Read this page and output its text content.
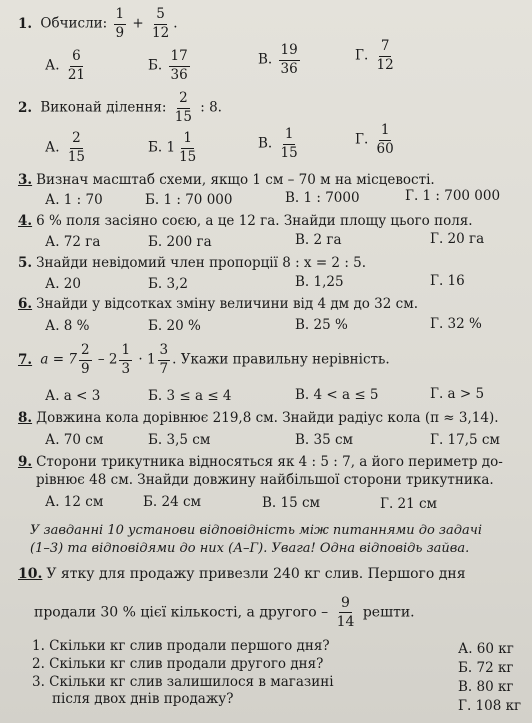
1. Обчисли: $\frac{1}{9} + \frac{5}{12}$ .
А. $\frac{6}{21}$	Б. $\frac{17}{36}$	В. $\frac{19}{36}$	Г. $\frac{7}{12}$
2. Виконай ділення: $\frac{2}{15}$ : 8.
А. $\frac{2}{15}$	Б. $1 \frac{1}{15}$	В. $\frac{1}{15}$	Г. $\frac{1}{60}$
3. Визнач масштаб схеми, якщо 1 см – 70 м на місцевості.
А. 1 : 70	Б. 1 : 70 000	В. 1 : 7000	Г. 1 : 700 000
4. 6 % поля засіяно соєю, а це 12 га. Знайди площу цього поля.
А. 72 га	Б. 200 га	В. 2 га	Г. 20 га
5. Знайди невідомий член пропорції 8 : x = 2 : 5.
А. 20	Б. 3,2	В. 1,25	Г. 16
6. Знайди у відсотках зміну величини від 4 дм до 32 см.
А. 8 %	Б. 20 %	В. 25 %	Г. 32 %
7. $a = 7 \frac{2}{9} - 2 \frac{1}{3} \cdot 1 \frac{3}{7}$ . Укажи правильну нерівність.
А. a < 3	Б. 3 ≤ a ≤ 4	В. 4 < a ≤ 5	Г. a > 5
8. Довжина кола дорівнює 219,8 см. Знайди радіус кола (π ≈ 3,14).
А. 70 см	Б. 3,5 см	В. 35 см	Г. 17,5 см
9. Сторони трикутника відносяться як 4 : 5 : 7, а його периметр до-
рівнює 48 см. Знайди довжину найбільшої сторони трикутника.
А. 12 см	Б. 24 см	В. 15 см	Г. 21 см
У завданні 10 установи відповідність між питаннями до задачі
(1–3) та відповідями до них (А–Г). Увага! Одна відповідь зайва.
10. У ятку для продажу привезли 240 кг слив. Першого дня
продали 30 % цієї кількості, а другого – $\frac{9}{14}$ решти.
1. Скільки кг слив продали першого дня?
2. Скільки кг слив продали другого дня?
3. Скільки кг слив залишилося в магазині
після двох днів продажу?
А. 60 кг
Б. 72 кг
В. 80 кг
Г. 108 кг
